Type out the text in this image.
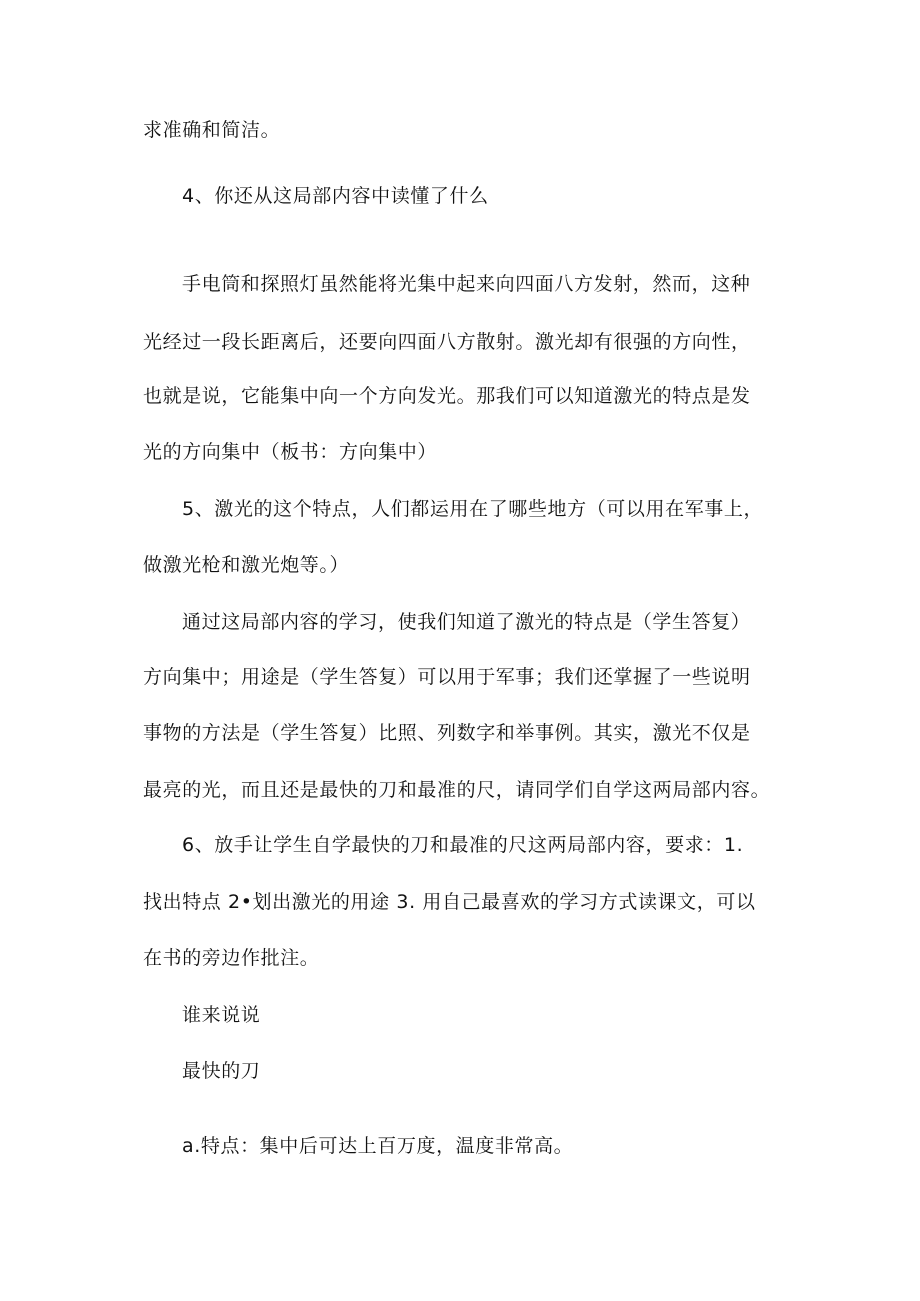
求准确和简洁。
4、你还从这局部内容中读懂了什么
手电筒和探照灯虽然能将光集中起来向四面八方发射，然而，这种
光经过一段长距离后，还要向四面八方散射。激光却有很强的方向性，
也就是说，它能集中向一个方向发光。那我们可以知道激光的特点是发
光的方向集中（板书：方向集中）
5、激光的这个特点，人们都运用在了哪些地方（可以用在军事上，
做激光枪和激光炮等。）
通过这局部内容的学习，使我们知道了激光的特点是（学生答复）
方向集中；用途是（学生答复）可以用于军事；我们还掌握了一些说明
事物的方法是（学生答复）比照、列数字和举事例。其实，激光不仅是
最亮的光，而且还是最快的刀和最准的尺，请同学们自学这两局部内容。
6、放手让学生自学最快的刀和最准的尺这两局部内容，要求：1.
找出特点 2•划出激光的用途 3. 用自己最喜欢的学习方式读课文，可以
在书的旁边作批注。
谁来说说
最快的刀
a.特点：集中后可达上百万度，温度非常高。
